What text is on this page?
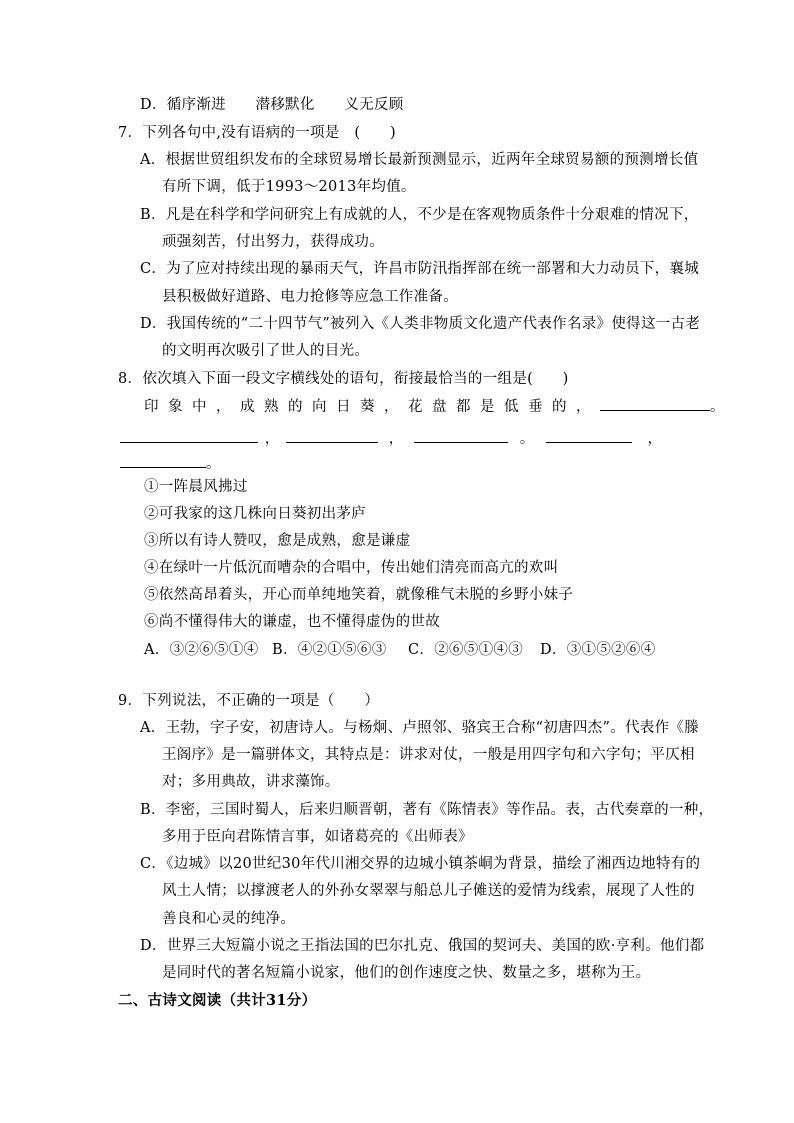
D．循序渐进　　潜移默化　　义无反顾
7．下列各句中,没有语病的一项是　(　　)
A．根据世贸组织发布的全球贸易增长最新预测显示，近两年全球贸易额的预测增长值
有所下调，低于1993～2013年均值。
B．凡是在科学和学问研究上有成就的人，不少是在客观物质条件十分艰难的情况下，
顽强刻苦，付出努力，获得成功。
C．为了应对持续出现的暴雨天气，许昌市防汛指挥部在统一部署和大力动员下，襄城
县积极做好道路、电力抢修等应急工作准备。
D．我国传统的“二十四节气”被列入《人类非物质文化遗产代表作名录》使得这一古老
的文明再次吸引了世人的目光。
8．依次填入下面一段文字横线处的语句，衔接最恰当的一组是(　　)
印象中，成熟的向日葵，花盘都是低垂的，	。
，	，	。	，
。
①一阵晨风拂过
②可我家的这几株向日葵初出茅庐
③所以有诗人赞叹，愈是成熟，愈是谦虚
④在绿叶一片低沉而嘈杂的合唱中，传出她们清亮而高亢的欢叫
⑤依然高昂着头，开心而单纯地笑着，就像稚气未脱的乡野小妹子
⑥尚不懂得伟大的谦虚，也不懂得虚伪的世故
A．③②⑥⑤①④ B．④②①⑤⑥③ C．②⑥⑤①④③ D．③①⑤②⑥④
9．下列说法，不正确的一项是（　　）
A．王勃，字子安，初唐诗人。与杨炯、卢照邻、骆宾王合称“初唐四杰”。代表作《滕
王阁序》是一篇骈体文，其特点是：讲求对仗，一般是用四字句和六字句；平仄相
对；多用典故，讲求藻饰。
B．李密，三国时蜀人，后来归顺晋朝，著有《陈情表》等作品。表，古代奏章的一种，
多用于臣向君陈情言事，如诸葛亮的《出师表》
C．《边城》以20世纪30年代川湘交界的边城小镇茶峒为背景，描绘了湘西边地特有的
风土人情；以撑渡老人的外孙女翠翠与船总儿子傩送的爱情为线索，展现了人性的
善良和心灵的纯净。
D．世界三大短篇小说之王指法国的巴尔扎克、俄国的契诃夫、美国的欧·亨利。他们都
是同时代的著名短篇小说家，他们的创作速度之快、数量之多，堪称为王。
二、古诗文阅读（共计31分）
